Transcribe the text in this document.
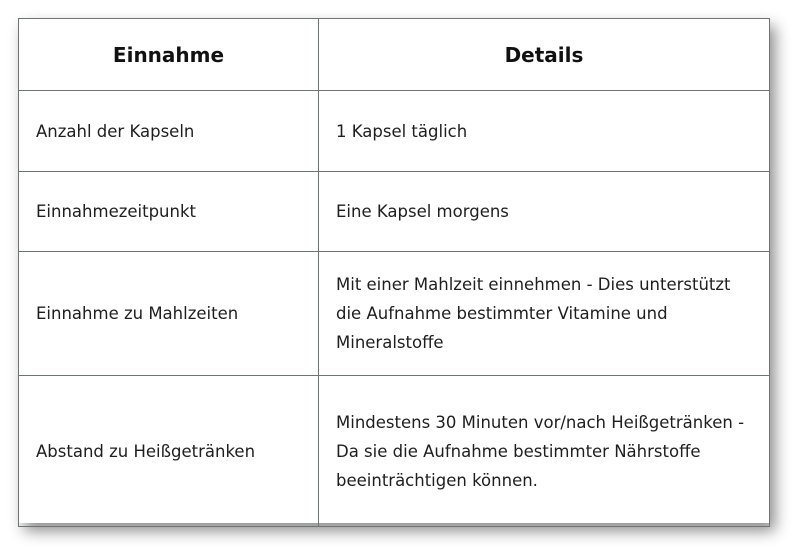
Einnahme	Details
Anzahl der Kapseln	1 Kapsel täglich
Einnahmezeitpunkt	Eine Kapsel morgens
Einnahme zu Mahlzeiten	Mit einer Mahlzeit einnehmen - Dies unterstützt die Aufnahme bestimmter Vitamine und Mineralstoffe
Abstand zu Heißgetränken	Mindestens 30 Minuten vor/nach Heißgetränken - Da sie die Aufnahme bestimmter Nährstoffe beeinträchtigen können.
